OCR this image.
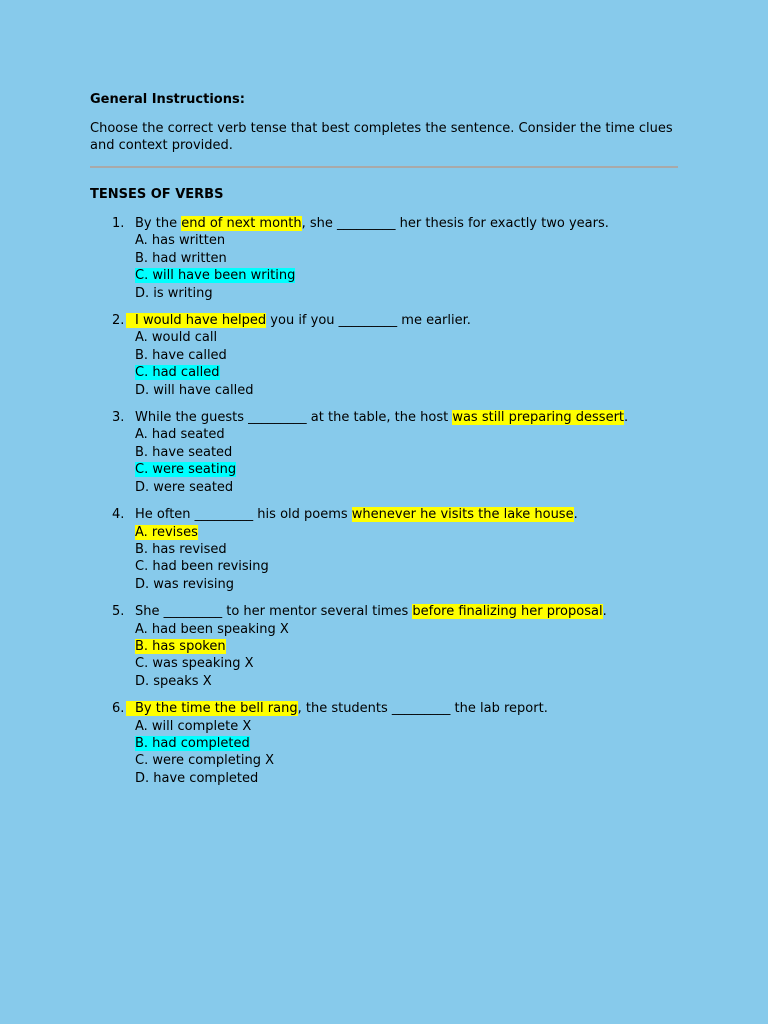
General Instructions:

Choose the correct verb tense that best completes the sentence. Consider the time clues and context provided.

TENSES OF VERBS

1. By the end of next month, she _________ her thesis for exactly two years.
A. has written
B. had written
C. will have been writing
D. is writing
2. I would have helped you if you _________ me earlier.
A. would call
B. have called
C. had called
D. will have called
3. While the guests _________ at the table, the host was still preparing dessert.
A. had seated
B. have seated
C. were seating
D. were seated
4. He often _________ his old poems whenever he visits the lake house.
A. revises
B. has revised
C. had been revising
D. was revising
5. She _________ to her mentor several times before finalizing her proposal.
A. had been speaking X
B. has spoken
C. was speaking X
D. speaks X
6. By the time the bell rang, the students _________ the lab report.
A. will complete X
B. had completed
C. were completing X
D. have completed
